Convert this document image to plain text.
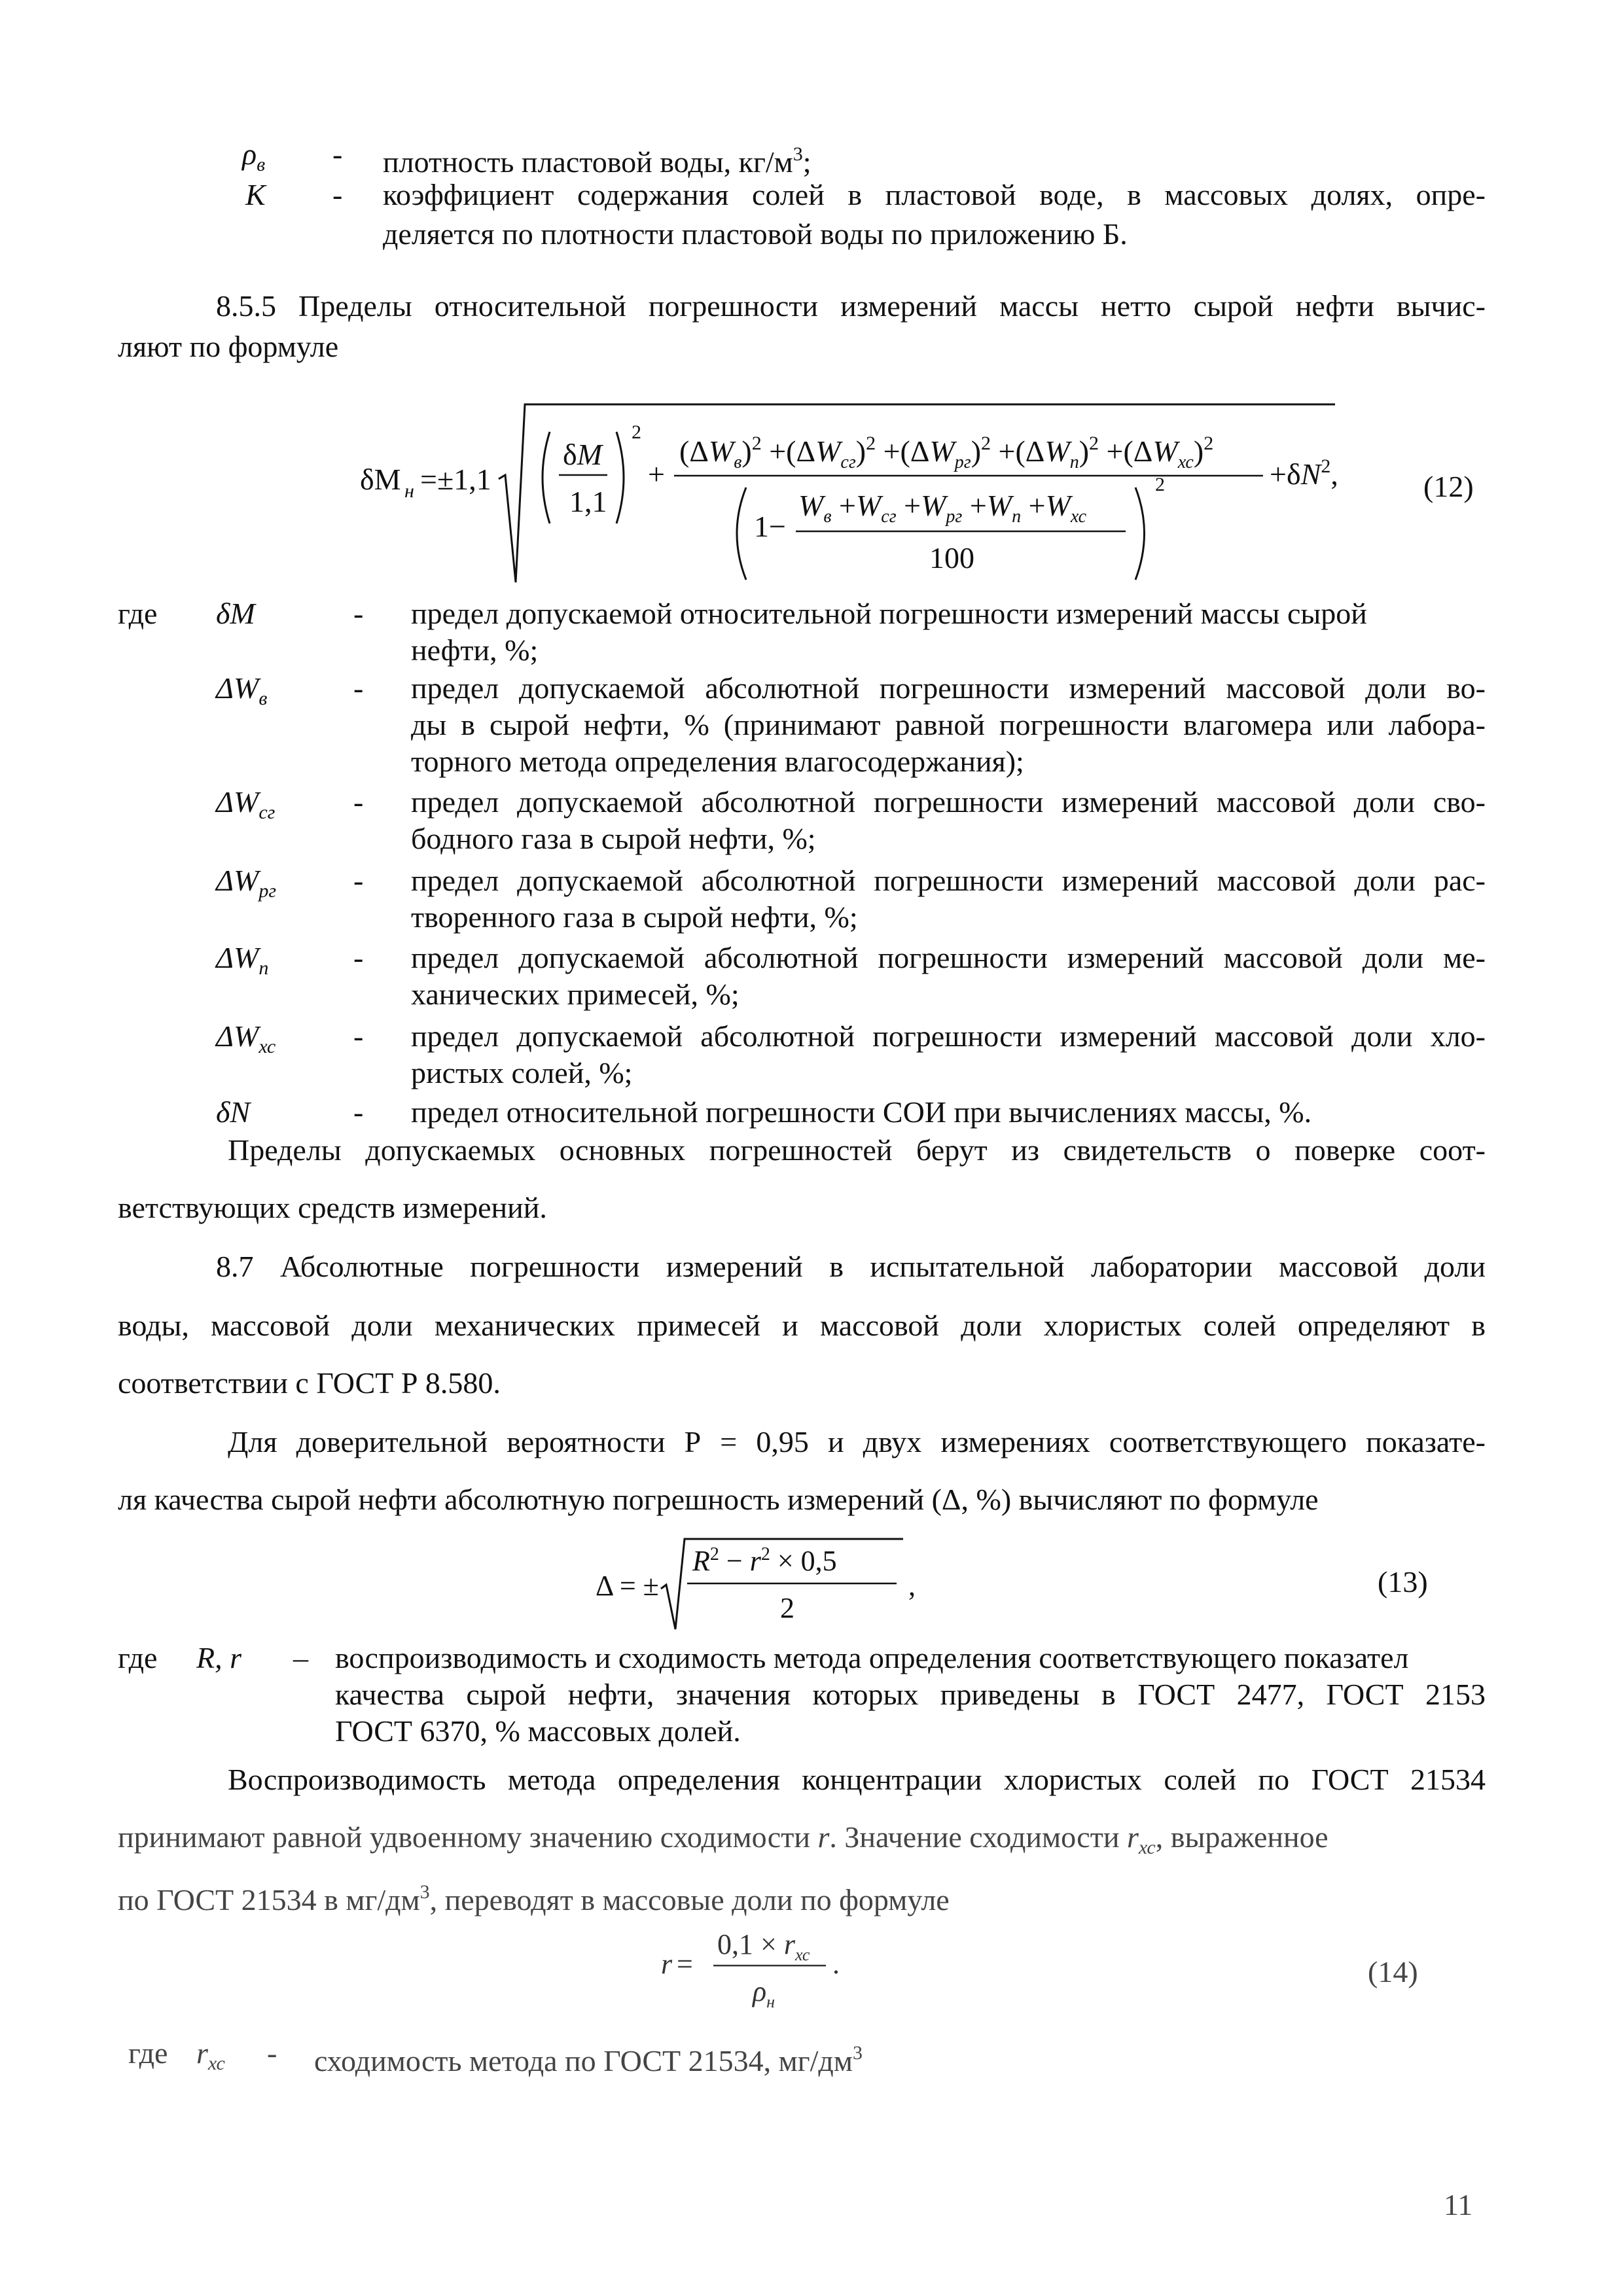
$\rho_в$ - плотность пластовой воды, $кг/м^3$;
К - коэффициент содержания солей в пластовой воде, в массовых долях, опре-
деляется по плотности пластовой воды по приложению Б.
8.5.5 Пределы относительной погрешности измерений массы нетто сырой нефти вычис-
ляют по формуле
δM н =±1,1
δM
1,1
2
+
$(\Delta W_в)^2 +(\Delta W_{сг})^2 +(\Delta W_{рг})^2 +(\Delta W_п)^2 +(\Delta W_{хс})^2$
1−
$W_в +W_{сг} +W_{рг} +W_п +W_{хс}$
100
2	$+\delta N^2$,	(12)
где δM	- предел допускаемой относительной погрешности измерений массы сырой
нефти, %;
$\Delta W_в$	- предел допускаемой абсолютной погрешности измерений массовой доли во-
ды в сырой нефти, % (принимают равной погрешности влагомера или лабора-
торного метода определения влагосодержания);
$\Delta W_{сг}$	- предел допускаемой абсолютной погрешности измерений массовой доли сво-
бодного газа в сырой нефти, %;
$\Delta W_{рг}$	- предел допускаемой абсолютной погрешности измерений массовой доли рас-
творенного газа в сырой нефти, %;
$\Delta W_п$	- предел допускаемой абсолютной погрешности измерений массовой доли ме-
ханических примесей, %;
$\Delta W_{хс}$	- предел допускаемой абсолютной погрешности измерений массовой доли хло-
ристых солей, %;
δN	- предел относительной погрешности СОИ при вычислениях массы, %.
Пределы допускаемых основных погрешностей берут из свидетельств о поверке соот-
ветствующих средств измерений.
8.7 Абсолютные погрешности измерений в испытательной лаборатории массовой доли
воды, массовой доли механических примесей и массовой доли хлористых солей определяют в
соответствии с ГОСТ Р 8.580.
Для доверительной вероятности Р = 0,95 и двух измерениях соответствующего показате-
ля качества сырой нефти абсолютную погрешность измерений (Δ, %) вычисляют по формуле
Δ = ±
$R^2 - r^2 \times 0,5$
2
,	(13)
где R, r – воспроизводимость и сходимость метода определения соответствующего показател
качества сырой нефти, значения которых приведены в ГОСТ 2477, ГОСТ 2153
ГОСТ 6370, % массовых долей.
Воспроизводимость метода определения концентрации хлористых солей по ГОСТ 21534
принимают равной удвоенному значению сходимости r. Значение сходимости $r_{хс}$, выраженное
по ГОСТ 21534 в $мг/дм^3$, переводят в массовые доли по формуле
r =
$0,1 \times r_{хс}$
$\rho_н$
.	(14)
где $r_{хс}$ - сходимость метода по ГОСТ 21534, $мг/дм^3$
11
